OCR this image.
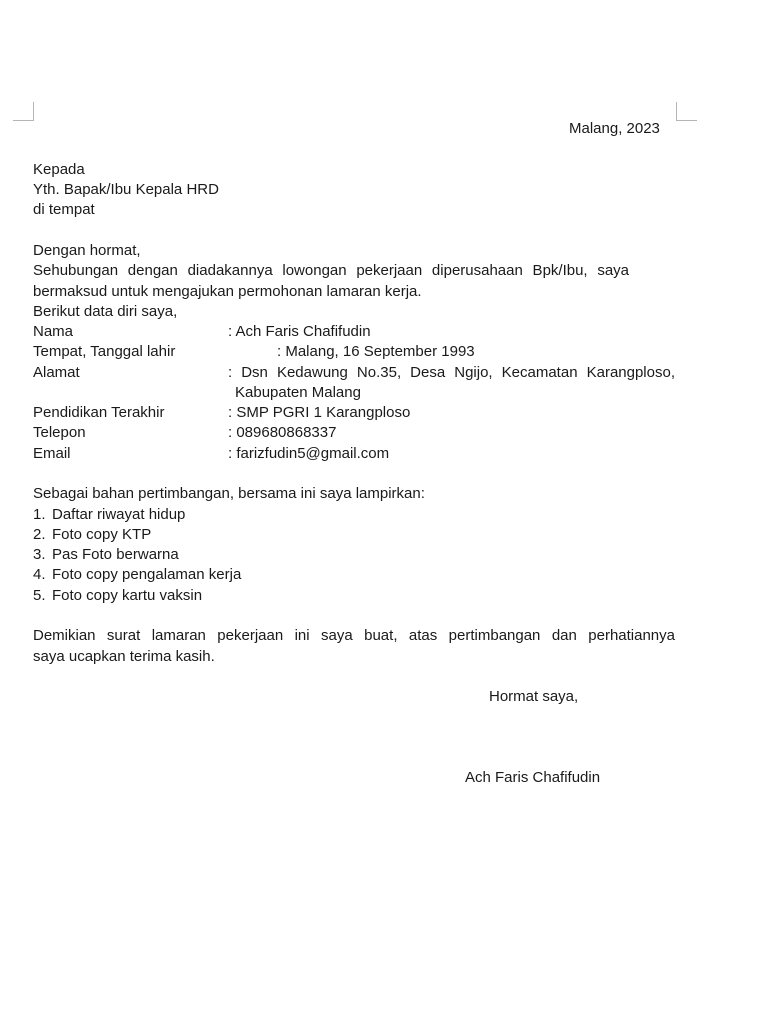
Malang, 2023
Kepada
Yth. Bapak/Ibu Kepala HRD
di tempat
Dengan hormat,
Sehubungan dengan diadakannya lowongan pekerjaan diperusahaan Bpk/Ibu, saya
bermaksud untuk mengajukan permohonan lamaran kerja.
Berikut data diri saya,
Nama	: Ach Faris Chafifudin
Tempat, Tanggal lahir	: Malang, 16 September 1993
Alamat	: Dsn Kedawung No.35, Desa Ngijo, Kecamatan Karangploso,
Kabupaten Malang
Pendidikan Terakhir	: SMP PGRI 1 Karangploso
Telepon	: 089680868337
Email	: farizfudin5@gmail.com
Sebagai bahan pertimbangan, bersama ini saya lampirkan:
1. Daftar riwayat hidup
2. Foto copy KTP
3. Pas Foto berwarna
4. Foto copy pengalaman kerja
5. Foto copy kartu vaksin
Demikian surat lamaran pekerjaan ini saya buat, atas pertimbangan dan perhatiannya
saya ucapkan terima kasih.
Hormat saya,
Ach Faris Chafifudin
